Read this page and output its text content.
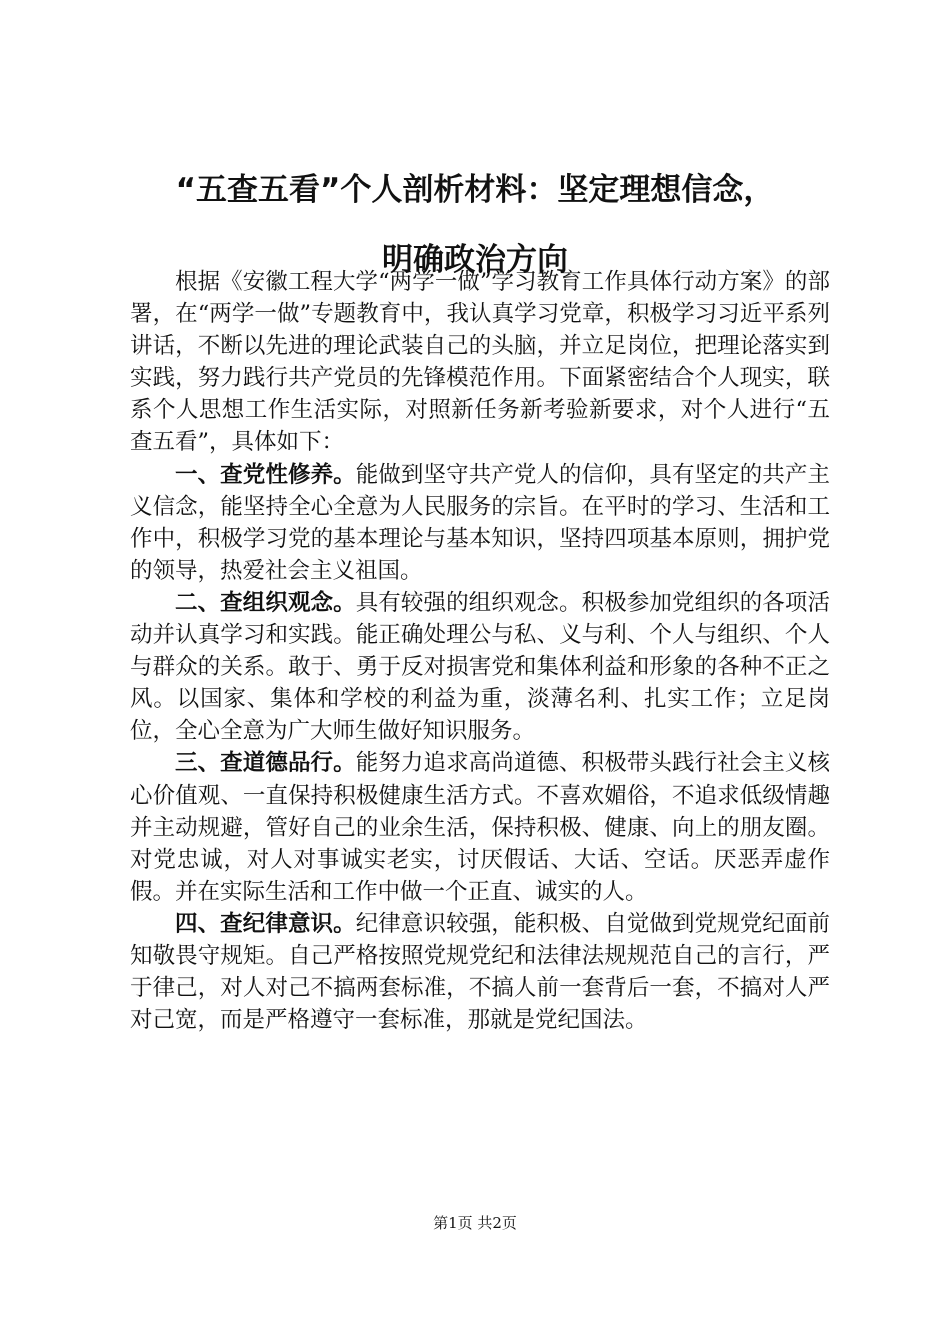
“五查五看”个人剖析材料：坚定理想信念，
明确政治方向

根据《安徽工程大学“两学一做”学习教育工作具体行动方案》的部署，在“两学一做”专题教育中，我认真学习党章，积极学习习近平系列讲话，不断以先进的理论武装自己的头脑，并立足岗位，把理论落实到实践，努力践行共产党员的先锋模范作用。下面紧密结合个人现实，联系个人思想工作生活实际，对照新任务新考验新要求，对个人进行“五查五看”，具体如下：

一、查党性修养。能做到坚守共产党人的信仰，具有坚定的共产主义信念，能坚持全心全意为人民服务的宗旨。在平时的学习、生活和工作中，积极学习党的基本理论与基本知识，坚持四项基本原则，拥护党的领导，热爱社会主义祖国。

二、查组织观念。具有较强的组织观念。积极参加党组织的各项活动并认真学习和实践。能正确处理公与私、义与利、个人与组织、个人与群众的关系。敢于、勇于反对损害党和集体利益和形象的各种不正之风。以国家、集体和学校的利益为重，淡薄名利、扎实工作；立足岗位，全心全意为广大师生做好知识服务。

三、查道德品行。能努力追求高尚道德、积极带头践行社会主义核心价值观、一直保持积极健康生活方式。不喜欢媚俗，不追求低级情趣并主动规避，管好自己的业余生活，保持积极、健康、向上的朋友圈。对党忠诚，对人对事诚实老实，讨厌假话、大话、空话。厌恶弄虚作假。并在实际生活和工作中做一个正直、诚实的人。

四、查纪律意识。纪律意识较强，能积极、自觉做到党规党纪面前知敬畏守规矩。自己严格按照党规党纪和法律法规规范自己的言行，严于律己，对人对己不搞两套标准，不搞人前一套背后一套，不搞对人严对己宽，而是严格遵守一套标准，那就是党纪国法。

第1页 共2页
